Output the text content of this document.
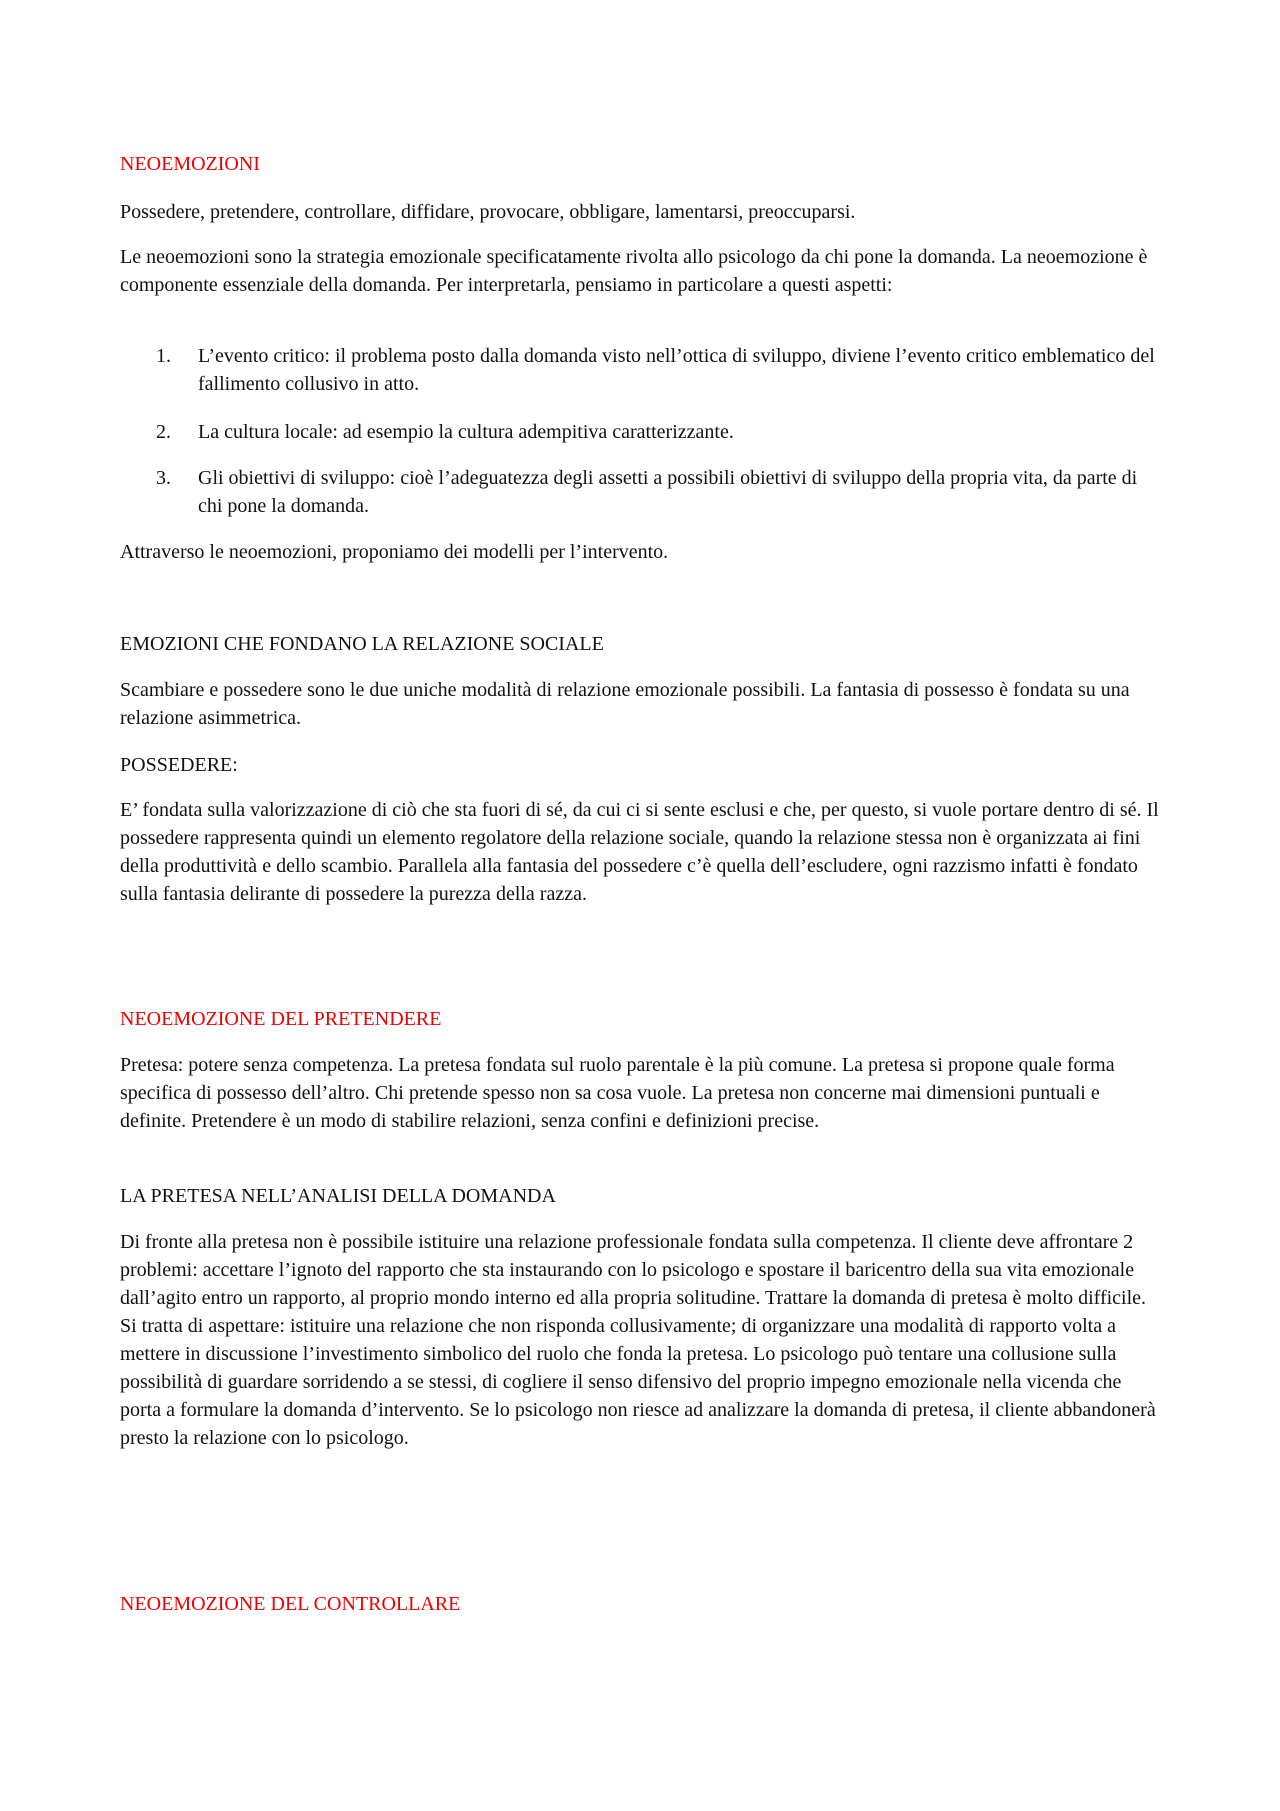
NEOEMOZIONI

Possedere, pretendere, controllare, diffidare, provocare, obbligare, lamentarsi, preoccuparsi.

Le neoemozioni sono la strategia emozionale specificatamente rivolta allo psicologo da chi pone la domanda. La neoemozione è componente essenziale della domanda. Per interpretarla, pensiamo in particolare a questi aspetti:

1.	L’evento critico: il problema posto dalla domanda visto nell’ottica di sviluppo, diviene l’evento critico emblematico del fallimento collusivo in atto.

2.	La cultura locale: ad esempio la cultura adempitiva caratterizzante.

3.	Gli obiettivi di sviluppo: cioè l’adeguatezza degli assetti a possibili obiettivi di sviluppo della propria vita, da parte di chi pone la domanda.

Attraverso le neoemozioni, proponiamo dei modelli per l’intervento.

EMOZIONI CHE FONDANO LA RELAZIONE SOCIALE

Scambiare e possedere sono le due uniche modalità di relazione emozionale possibili. La fantasia di possesso è fondata su una relazione asimmetrica.

POSSEDERE:

E’ fondata sulla valorizzazione di ciò che sta fuori di sé, da cui ci si sente esclusi e che, per questo, si vuole portare dentro di sé. Il possedere rappresenta quindi un elemento regolatore della relazione sociale, quando la relazione stessa non è organizzata ai fini della produttività e dello scambio. Parallela alla fantasia del possedere c’è quella dell’escludere, ogni razzismo infatti è fondato sulla fantasia delirante di possedere la purezza della razza.

NEOEMOZIONE DEL PRETENDERE

Pretesa: potere senza competenza. La pretesa fondata sul ruolo parentale è la più comune. La pretesa si propone quale forma specifica di possesso dell’altro. Chi pretende spesso non sa cosa vuole. La pretesa non concerne mai dimensioni puntuali e definite. Pretendere è un modo di stabilire relazioni, senza confini e definizioni precise.

LA PRETESA NELL’ANALISI DELLA DOMANDA

Di fronte alla pretesa non è possibile istituire una relazione professionale fondata sulla competenza. Il cliente deve affrontare 2 problemi: accettare l’ignoto del rapporto che sta instaurando con lo psicologo e spostare il baricentro della sua vita emozionale dall’agito entro un rapporto, al proprio mondo interno ed alla propria solitudine. Trattare la domanda di pretesa è molto difficile. Si tratta di aspettare: istituire una relazione che non risponda collusivamente; di organizzare una modalità di rapporto volta a mettere in discussione l’investimento simbolico del ruolo che fonda la pretesa. Lo psicologo può tentare una collusione sulla possibilità di guardare sorridendo a se stessi, di cogliere il senso difensivo del proprio impegno emozionale nella vicenda che porta a formulare la domanda d’intervento. Se lo psicologo non riesce ad analizzare la domanda di pretesa, il cliente abbandonerà presto la relazione con lo psicologo.

NEOEMOZIONE DEL CONTROLLARE
